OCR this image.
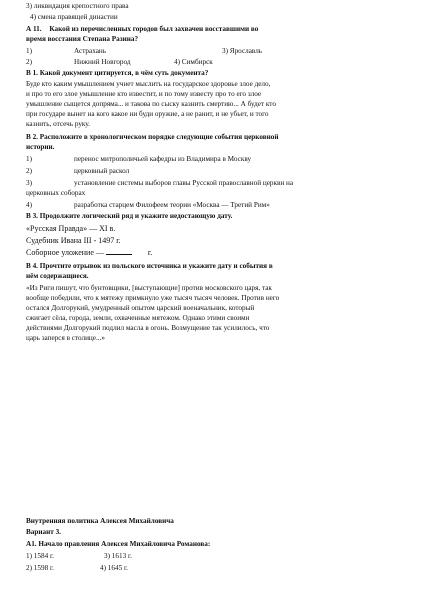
3) ликвидация крепостного права
4) смена правящей династии
А 11. Какой из перечисленных городов был захвачен восставшими во
время восстания Степана Разина?
1)	Астрахань	3) Ярославль
2)	Нижний Новгород	4) Симбирск
В 1. Какой документ цитируется, в чём суть документа?
Буде кто каким умышлением учнет мыслить на государское здоровье злое дело,
и про то его злое умышление кто известит, и по тому известу про то его злое
умышление сыщется допряма... и такова по сыску казнить смертию... А будет кто
при государе вынет на кого какое ни буди оружие, а не ранит, и не убьет, и того
казнить, отсечь руку.
В 2. Расположите в хронологическом порядке следующие события церковной
истории.
1)	перенос митрополичьей кафедры из Владимира в Москву
2)	церковный раскол
3)	установление системы выборов главы Русской православной церкви на
церковных соборах
4)	разработка старцем Филофеем теории «Москва — Третий Рим»
В 3. Продолжите логический ряд и укажите недостающую дату.
«Русская Правда» — XI в.
Судебник Ивана III - 1497 г.
Соборное уложение —	г.
В 4. Прочтите отрывок из польского источника и укажите дату и события в
нём содержащиеся.
«Из Риги пишут, что бунтовщики, [выступающие] против московского царя, так
вообще победили, что к мятежу примкнуло уже тысяч тысяч человек. Против него
остался Долгорукий, умудренный опытом царский военачальник, который
сжигает сёла, города, земли, охваченные мятежом. Однако этими своими
действиями Долгорукий подлил масла в огонь. Возмущение так усилилось, что
царь заперся в столице...»
Внутренняя политика Алексея Михайловича
Вариант 3.
А1. Начало правления Алексея Михайловича Романова:
1) 1584 г.	3) 1613 г.
2) 1598 г.	4) 1645 г.
